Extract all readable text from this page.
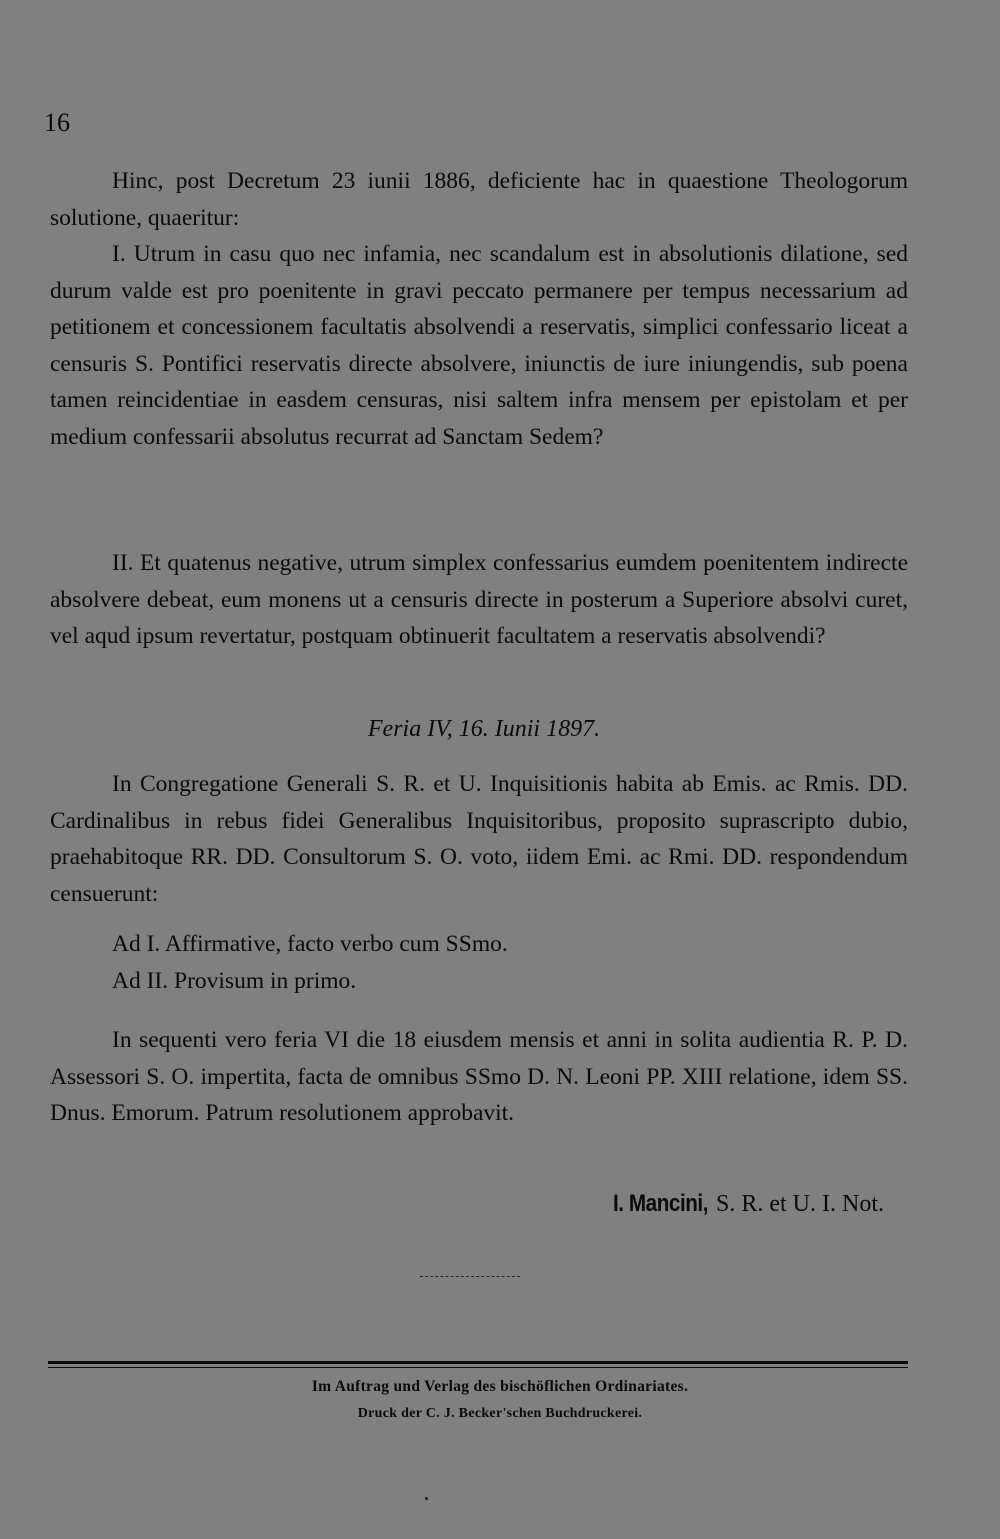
16

Hinc, post Decretum 23 iunii 1886, deficiente hac in quaestione Theologorum solutione, quaeritur:

I. Utrum in casu quo nec infamia, nec scandalum est in absolutionis dilatione, sed durum valde est pro poenitente in gravi peccato permanere per tempus necessarium ad petitionem et concessionem facultatis absolvendi a reservatis, simplici confessario liceat a censuris S. Pontifici reservatis directe absolvere, iniunctis de iure iniungendis, sub poena tamen reincidentiae in easdem censuras, nisi saltem infra mensem per epistolam et per medium confessarii absolutus recurrat ad Sanctam Sedem?

II. Et quatenus negative, utrum simplex confessarius eumdem poenitentem indirecte absolvere debeat, eum monens ut a censuris directe in posterum a Superiore absolvi curet, vel aqud ipsum revertatur, postquam obtinuerit facultatem a reservatis absolvendi?

Feria IV, 16. Iunii 1897.

In Congregatione Generali S. R. et U. Inquisitionis habita ab Emis. ac Rmis. DD. Cardinalibus in rebus fidei Generalibus Inquisitoribus, proposito suprascripto dubio, praehabitoque RR. DD. Consultorum S. O. voto, iidem Emi. ac Rmi. DD. respondendum censuerunt:

Ad I. Affirmative, facto verbo cum SSmo.

Ad II. Provisum in primo.

In sequenti vero feria VI die 18 eiusdem mensis et anni in solita audientia R. P. D. Assessori S. O. impertita, facta de omnibus SSmo D. N. Leoni PP. XIII relatione, idem SS. Dnus. Emorum. Patrum resolutionem approbavit.

I. Mancini, S. R. et U. I. Not.
Im Auftrag und Verlag des bischöflichen Ordinariates.
Druck der C. J. Becker'schen Buchdruckerei.
